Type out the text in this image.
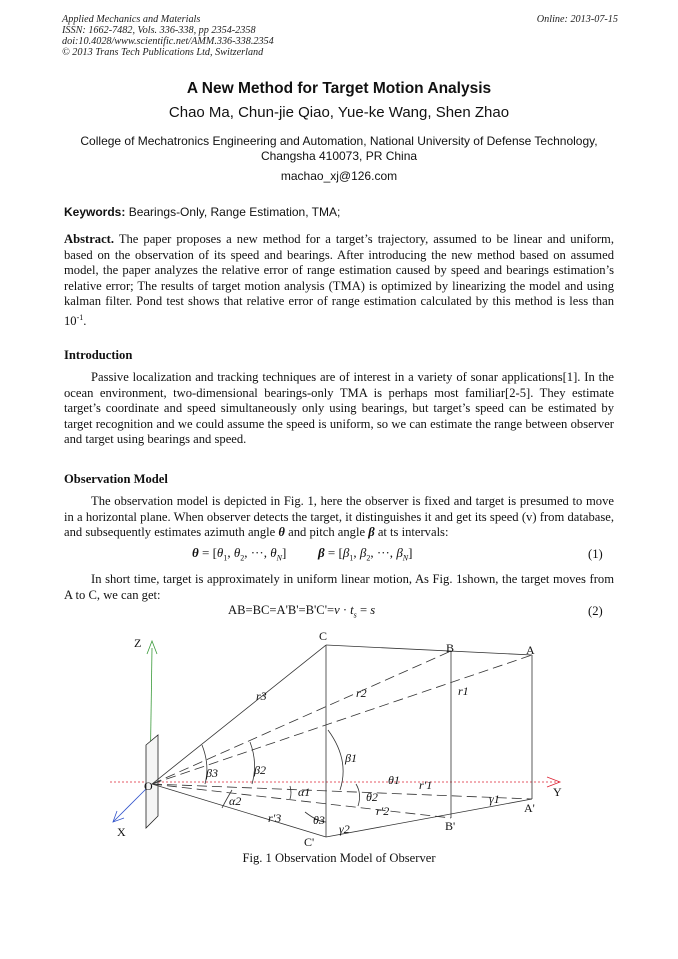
Applied Mechanics and Materials	Online: 2013-07-15
ISSN: 1662-7482, Vols. 336-338, pp 2354-2358
doi:10.4028/www.scientific.net/AMM.336-338.2354
© 2013 Trans Tech Publications Ltd, Switzerland
A New Method for Target Motion Analysis
Chao Ma, Chun-jie Qiao, Yue-ke Wang, Shen Zhao
College of Mechatronics Engineering and Automation, National University of Defense Technology,
Changsha 410073, PR China
machao_xj@126.com
Keywords: Bearings-Only, Range Estimation, TMA;
Abstract. The paper proposes a new method for a target’s trajectory, assumed to be linear and uniform, based on the observation of its speed and bearings. After introducing the new method based on assumed model, the paper analyzes the relative error of range estimation caused by speed and bearings estimation’s relative error; The results of target motion analysis (TMA) is optimized by linearizing the model and using kalman filter. Pond test shows that relative error of range estimation calculated by this method is less than $10^{-1}$.
Introduction
Passive localization and tracking techniques are of interest in a variety of sonar applications[1]. In the ocean environment, two-dimensional bearings-only TMA is perhaps most familiar[2-5]. They estimate target’s coordinate and speed simultaneously only using bearings, but target’s speed can be estimated by target recognition and we could assume the speed is uniform, so we can estimate the range between observer and target using bearings and speed.
Observation Model
The observation model is depicted in Fig. 1, here the observer is fixed and target is presumed to move in a horizontal plane. When observer detects the target, it distinguishes it and get its speed (v) from database, and subsequently estimates azimuth angle θ and pitch angle β at ts intervals:
$\theta = [\theta_1$, $\theta_2$, ···, $\theta_N$] $\beta = [\beta_1$, $\beta_2$, ···, $\beta_N$]	(1)
In short time, target is approximately in uniform linear motion, As Fig. 1shown, the target moves from A to C, we can get:
$AB=BC=A'B'=B'C'=v \cdot t_s = s$	(2)
Z
Y
X
O
A
B
C
A'
B'
C'
r3	r2	r1
r'3	r'2
r'1
β1
β2
β3
α1
α2
θ1
θ2
θ3
γ1
γ2
Fig. 1 Observation Model of Observer
